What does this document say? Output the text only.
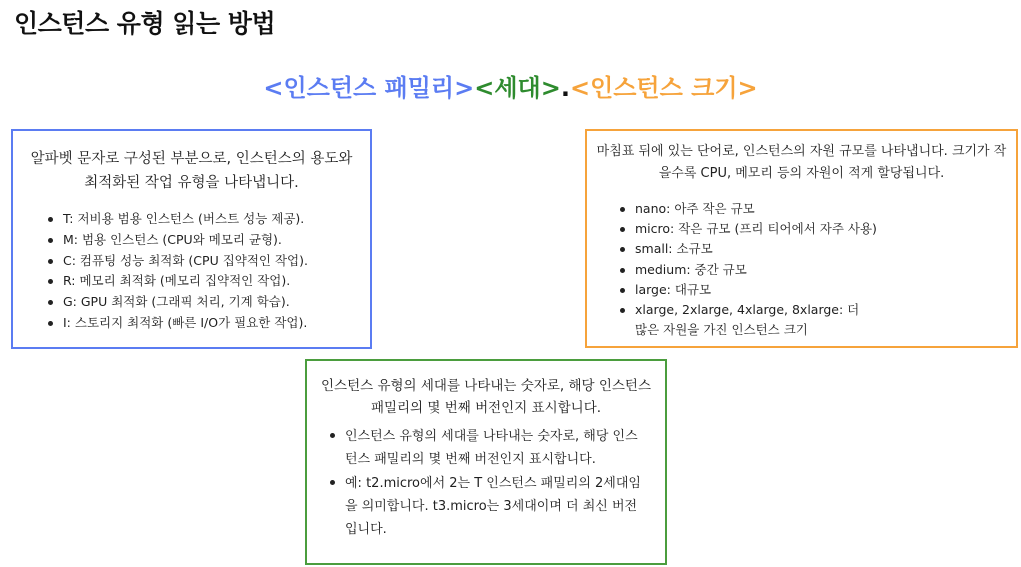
인스턴스 유형 읽는 방법
<인스턴스 패밀리><세대>.<인스턴스 크기>
알파벳 문자로 구성된 부분으로, 인스턴스의 용도와 최적화된 작업 유형을 나타냅니다.
T: 저비용 범용 인스턴스 (버스트 성능 제공).
M: 범용 인스턴스 (CPU와 메모리 균형).
C: 컴퓨팅 성능 최적화 (CPU 집약적인 작업).
R: 메모리 최적화 (메모리 집약적인 작업).
G: GPU 최적화 (그래픽 처리, 기계 학습).
I: 스토리지 최적화 (빠른 I/O가 필요한 작업).
마침표 뒤에 있는 단어로, 인스턴스의 자원 규모를 나타냅니다. 크기가 작을수록 CPU, 메모리 등의 자원이 적게 할당됩니다.
nano: 아주 작은 규모
micro: 작은 규모 (프리 티어에서 자주 사용)
small: 소규모
medium: 중간 규모
large: 대규모
xlarge, 2xlarge, 4xlarge, 8xlarge: 더 많은 자원을 가진 인스턴스 크기
인스턴스 유형의 세대를 나타내는 숫자로, 해당 인스턴스 패밀리의 몇 번째 버전인지 표시합니다.
인스턴스 유형의 세대를 나타내는 숫자로, 해당 인스턴스 패밀리의 몇 번째 버전인지 표시합니다.
예: t2.micro에서 2는 T 인스턴스 패밀리의 2세대임을 의미합니다. t3.micro는 3세대이며 더 최신 버전입니다.
